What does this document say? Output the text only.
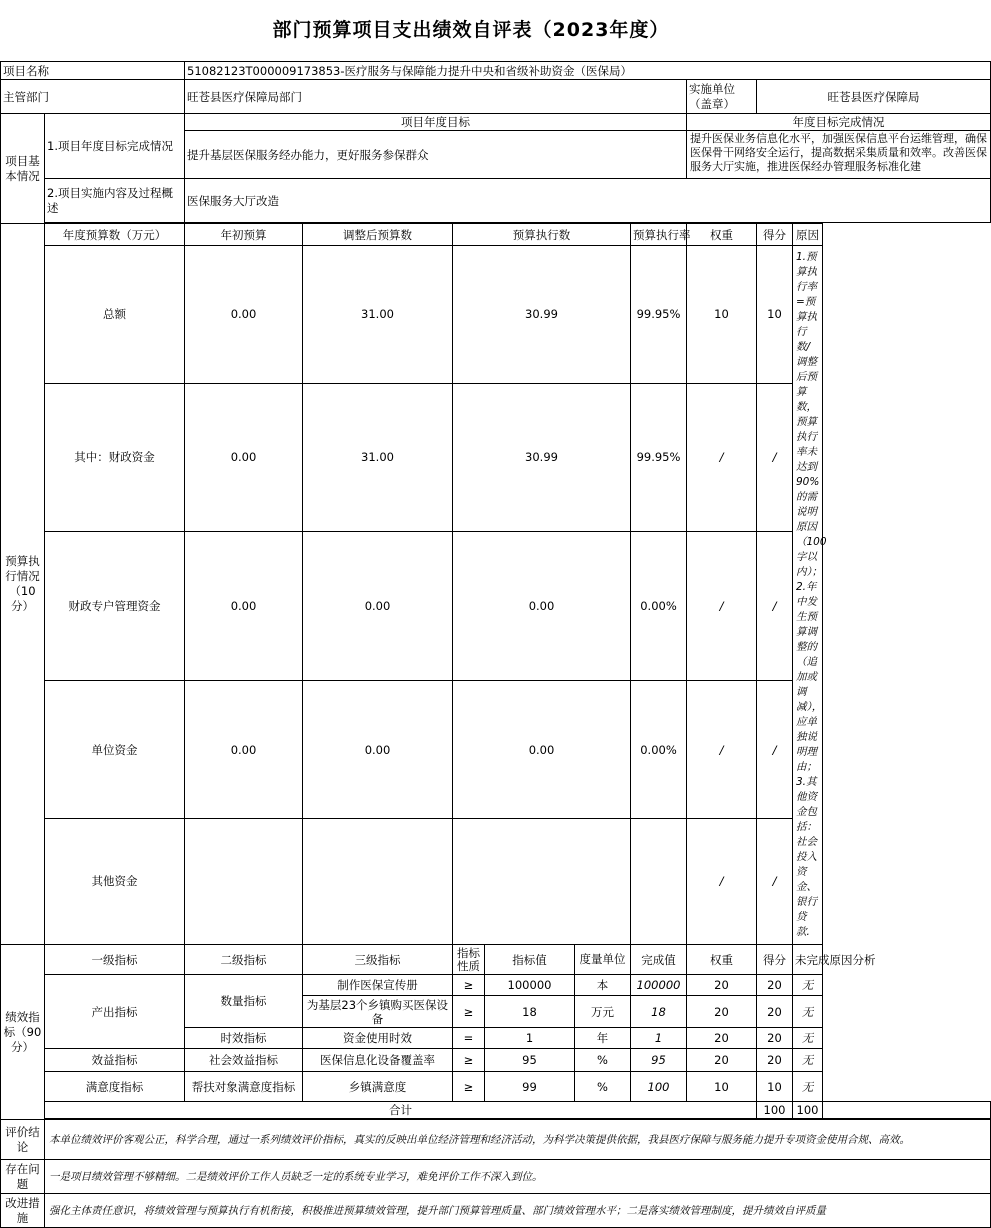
部门预算项目支出绩效自评表（2023年度）
项目名称		51082123T000009173853-医疗服务与保障能力提升中央和省级补助资金（医保局）									
主管部门		旺苍县医疗保障局部门						实施单位（盖章）	旺苍县医疗保障局		
项目基本情况	1.项目年度目标完成情况	项目年度目标						年度目标完成情况			
		提升基层医保服务经办能力，更好服务参保群众						提升医保业务信息化水平，加强医保信息平台运维管理，确保医保骨干网络安全运行，提高数据采集质量和效率。改善医保服务大厅实施，推进医保经办管理服务标准化建			
	2.项目实施内容及过程概述	医保服务大厅改造									

预算执行情况（10分）	年度预算数（万元）	年初预算	调整后预算数	预算执行数			预算执行率	权重	得分	原因	
	总额	0.00	31.00	30.99			99.95%	10	10	1.预算执行率=预算执行数/调整后预算数，预算执行率未达到90%的需说明原因（100字以内）；2.年中发生预算调整的（追加或调减），应单独说明理由；3.其他资金包括：社会投入资金、银行贷款.	
	其中：财政资金	0.00	31.00	30.99			99.95%	/	/		
	财政专户管理资金	0.00	0.00	0.00			0.00%	/	/		
	单位资金	0.00	0.00	0.00			0.00%	/	/		
	其他资金							/	/		
绩效指标（90分）	一级指标	二级指标	三级指标	指标性质	指标值	度量单位	完成值	权重	得分	未完成原因分析	
	产出指标	数量指标	制作医保宣传册	≥	100000	本	100000	20	20	无	
			为基层23个乡镇购买医保设备	≥	18	万元	18	20	20	无	
		时效指标	资金使用时效	=	1	年	1	20	20	无	
	效益指标	社会效益指标	医保信息化设备覆盖率	≥	95	%	95	20	20	无	
	满意度指标	帮扶对象满意度指标	乡镇满意度	≥	99	%	100	10	10	无	
	合计								100	100	

评价结论	本单位绩效评价客观公正，科学合理，通过一系列绩效评价指标，真实的反映出单位经济管理和经济活动，为科学决策提供依据，我县医疗保障与服务能力提升专项资金使用合规、高效。										
存在问题	一是项目绩效管理不够精细。二是绩效评价工作人员缺乏一定的系统专业学习，难免评价工作不深入到位。										
改进措施	强化主体责任意识，将绩效管理与预算执行有机衔接，积极推进预算绩效管理，提升部门预算管理质量、部门绩效管理水平；二是落实绩效管理制度，提升绩效自评质量										
